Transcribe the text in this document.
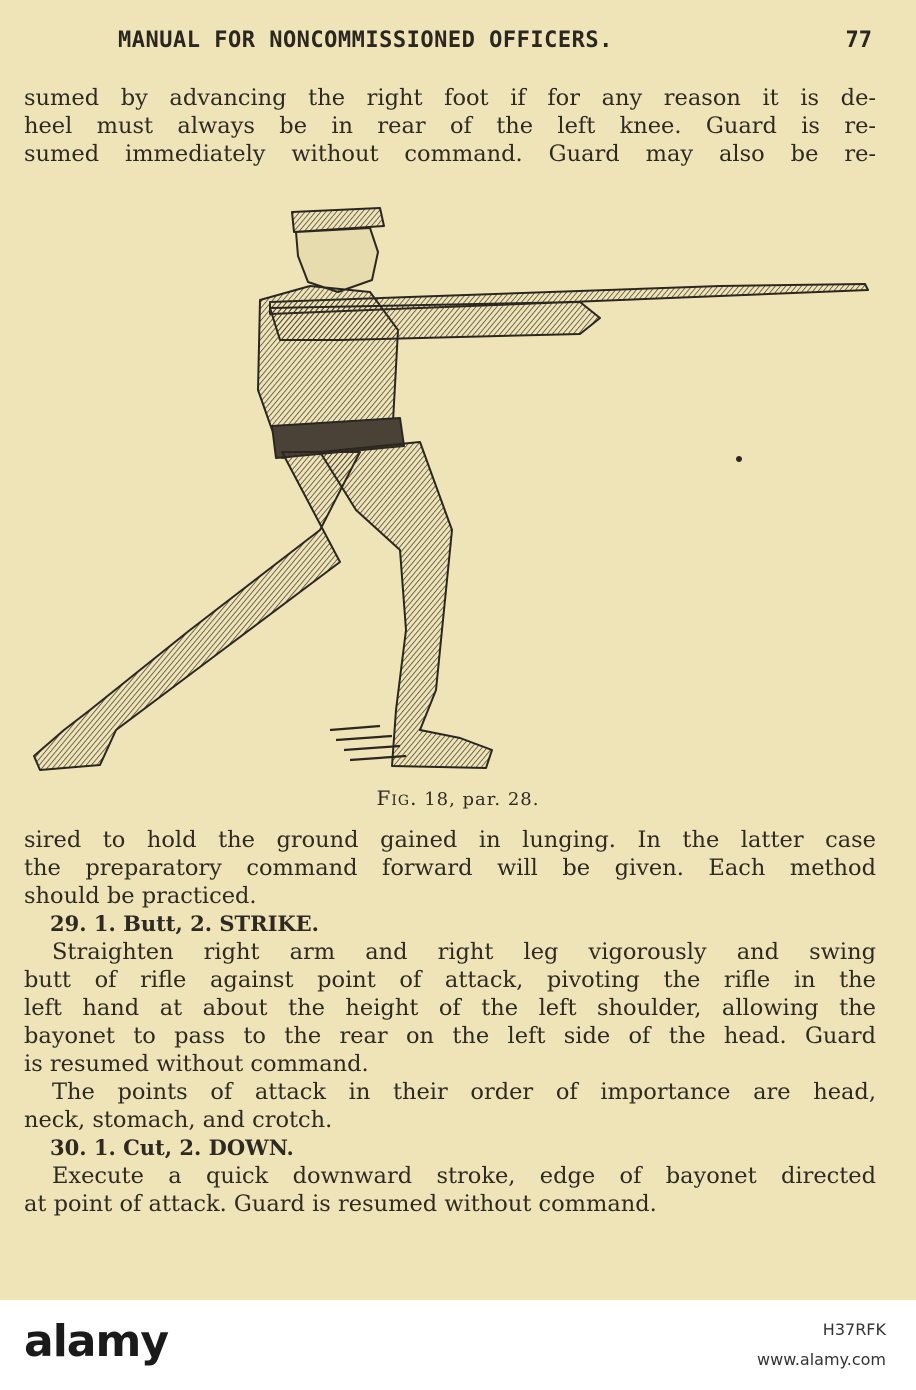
MANUAL FOR NONCOMMISSIONED OFFICERS.	77
sumed by advancing the right foot if for any reason it is de-
heel must always be in rear of the left knee. Guard is re-
sumed immediately without command. Guard may also be re-
Fig. 18, par. 28.
sired to hold the ground gained in lunging. In the latter case
the preparatory command forward will be given. Each method
should be practiced.
29. 1. Butt, 2. STRIKE.
Straighten right arm and right leg vigorously and swing
butt of rifle against point of attack, pivoting the rifle in the
left hand at about the height of the left shoulder, allowing the
bayonet to pass to the rear on the left side of the head. Guard
is resumed without command.
The points of attack in their order of importance are head,
neck, stomach, and crotch.
30. 1. Cut, 2. DOWN.
Execute a quick downward stroke, edge of bayonet directed
at point of attack. Guard is resumed without command.
alamy	H37RFK
www.alamy.com
